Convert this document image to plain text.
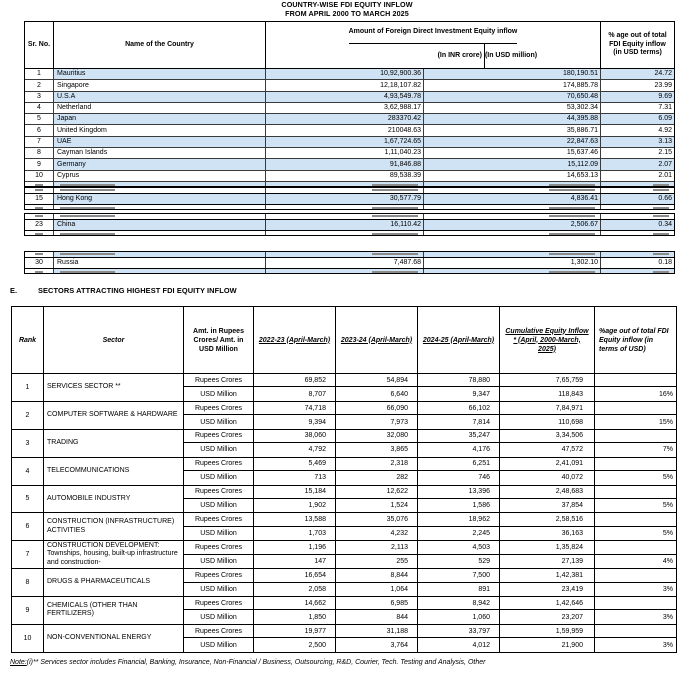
COUNTRY-WISE FDI EQUITY INFLOW
FROM APRIL 2000 TO MARCH 2025
Sr. No.	Name of the Country
Amount of Foreign Direct Investment Equity inflow
(In INR crore) (In USD million)
% age out of total FDI Equity inflow (in USD terms)
1	Mauritius	10,92,900.36	180,190.51	24.72
2	Singapore	12,18,107.82	174,885.78	23.99
3	U.S.A	4,93,549.78	70,650.48	9.69
4	Netherland	3,62,988.17	53,302.34	7.31
5	Japan	283370.42	44,395.88	6.09
6	United Kingdom	210048.63	35,886.71	4.92
7	UAE	1,67,724.65	22,847.63	3.13
8	Cayman Islands	1,11,040.23	15,637.46	2.15
9	Germany	91,846.88	15,112.09	2.07
10	Cyprus	89,538.39	14,653.13	2.01
15	Hong Kong	30,577.79	4,836.41	0.66
23	China	16,110.42	2,506.67	0.34
30	Russia	7,487.68	1,302.10	0.18
E.	SECTORS ATTRACTING HIGHEST FDI EQUITY INFLOW
Rank	Sector
Amt. in Rupees Crores/ Amt. in USD Million
2022-23 (April-March)	2023-24 (April-March)	2024-25 (April-March)
Cumulative Equity Inflow * (April, 2000-March, 2025)
%age out of total FDI Equity inflow (in terms of USD)
1	SERVICES SECTOR **
Rupees Crores	69,852	54,894	78,880	7,65,759
USD Million	8,707	6,640	9,347	118,843	16%
2	COMPUTER SOFTWARE & HARDWARE
Rupees Crores	74,718	66,090	66,102	7,84,971
USD Million	9,394	7,973	7,814	110,698	15%
3	TRADING
Rupees Crores	38,060	32,080	35,247	3,34,506
USD Million	4,792	3,865	4,176	47,572	7%
4	TELECOMMUNICATIONS
Rupees Crores	5,469	2,318	6,251	2,41,091
USD Million	713	282	746	40,072	5%
5	AUTOMOBILE INDUSTRY
Rupees Crores	15,184	12,622	13,396	2,48,683
USD Million	1,902	1,524	1,586	37,854	5%
6
CONSTRUCTION (INFRASTRUCTURE) ACTIVITIES
Rupees Crores	13,588	35,076	18,962	2,58,516
USD Million	1,703	4,232	2,245	36,163	5%
7
CONSTRUCTION DEVELOPMENT: Townships, housing, built-up infrastructure and construction-
Rupees Crores	1,196	2,113	4,503	1,35,824
USD Million	147	255	529	27,139	4%
8	DRUGS & PHARMACEUTICALS
Rupees Crores	16,654	8,844	7,500	1,42,381
USD Million	2,058	1,064	891	23,419	3%
9
CHEMICALS (OTHER THAN FERTILIZERS)
Rupees Crores	14,662	6,985	8,942	1,42,646
USD Million	1,850	844	1,060	23,207	3%
10	NON-CONVENTIONAL ENERGY
Rupees Crores	19,977	31,188	33,797	1,59,959
USD Million	2,500	3,764	4,012	21,900	3%
Note:(i)** Services sector includes Financial, Banking, Insurance, Non-Financial / Business, Outsourcing, R&D, Courier, Tech. Testing and Analysis, Other
